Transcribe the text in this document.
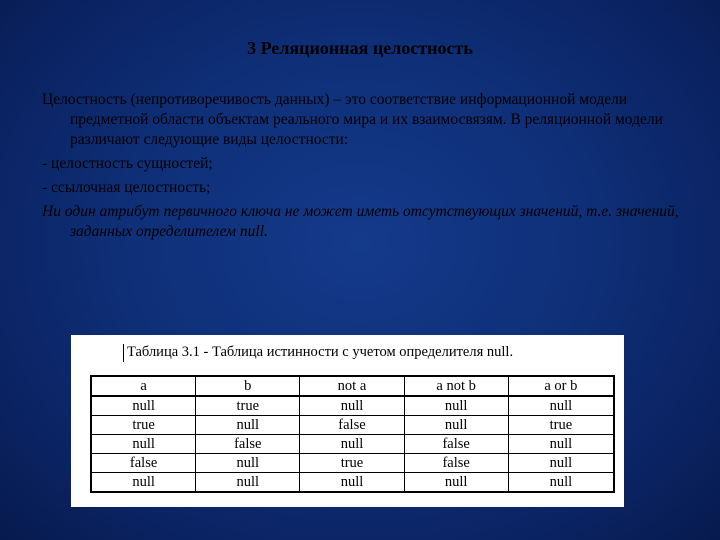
3 Реляционная целостность

Целостность (непротиворечивость данных) – это соответствие информационной модели предметной области объектам реального мира и их взаимосвязям. В реляционной модели различают следующие виды целостности:

- целостность сущностей;

- ссылочная целостность;

Ни один атрибут первичного ключа не может иметь отсутствующих значений, т.е. значений, заданных определителем null.

Таблица 3.1 - Таблица истинности с учетом определителя null.
a	b	not a	a not b	a or b
null	true	null	null	null
true	null	false	null	true
null	false	null	false	null
false	null	true	false	null
null	null	null	null	null
